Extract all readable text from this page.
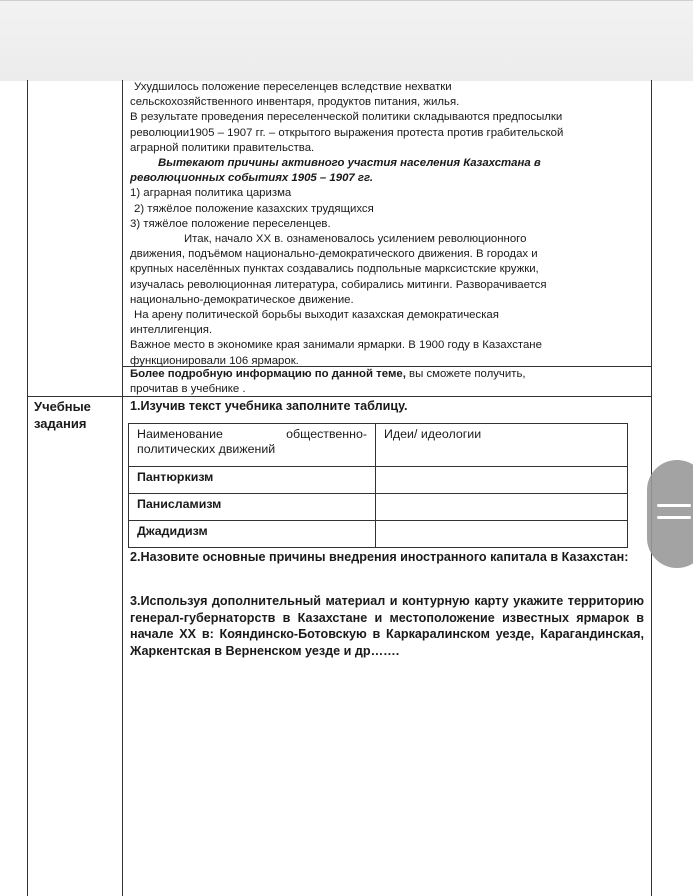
Ухудшилось положение переселенцев вследствие нехватки

сельскохозяйственного инвентаря, продуктов питания, жилья.

В результате проведения переселенческой политики складываются предпосылки

революции1905 – 1907 гг. – открытого выражения протеста против грабительской

аграрной политики правительства.

Вытекают причины активного участия населения Казахстана в

революционных событиях 1905 – 1907 гг.

1) аграрная политика царизма

2) тяжёлое положение казахских трудящихся

3) тяжёлое положение переселенцев.

Итак, начало ХХ в. ознаменовалось усилением революционного

движения, подъёмом национально-демократического движения. В городах и

крупных населённых пунктах создавались подпольные марксистские кружки,

изучалась революционная литература, собирались митинги. Разворачивается

национально-демократическое движение.

На арену политической борьбы выходит казахская демократическая

интеллигенция.

Важное место в экономике края занимали ярмарки. В 1900 году в Казахстане

функционировали 106 ярмарок.

Более подробную информацию по данной теме, вы сможете получить,

прочитав в учебнике .

Учебные
задания
1.Изучив текст учебника заполните таблицу.
Наименование общественно-
политических движений	Идеи/ идеологии
Пантюркизм	
Панисламизм	
Джадидизм	
2.Назовите основные причины внедрения иностранного капитала в Казахстан:
3.Используя дополнительный материал и контурную карту укажите территорию генерал-губернаторств в Казахстане и местоположение известных ярмарок в начале ХХ в: Кояндинско-Ботовскую в Каркаралинском уезде, Карагандинская, Жаркентская в Верненском уезде и др…….
